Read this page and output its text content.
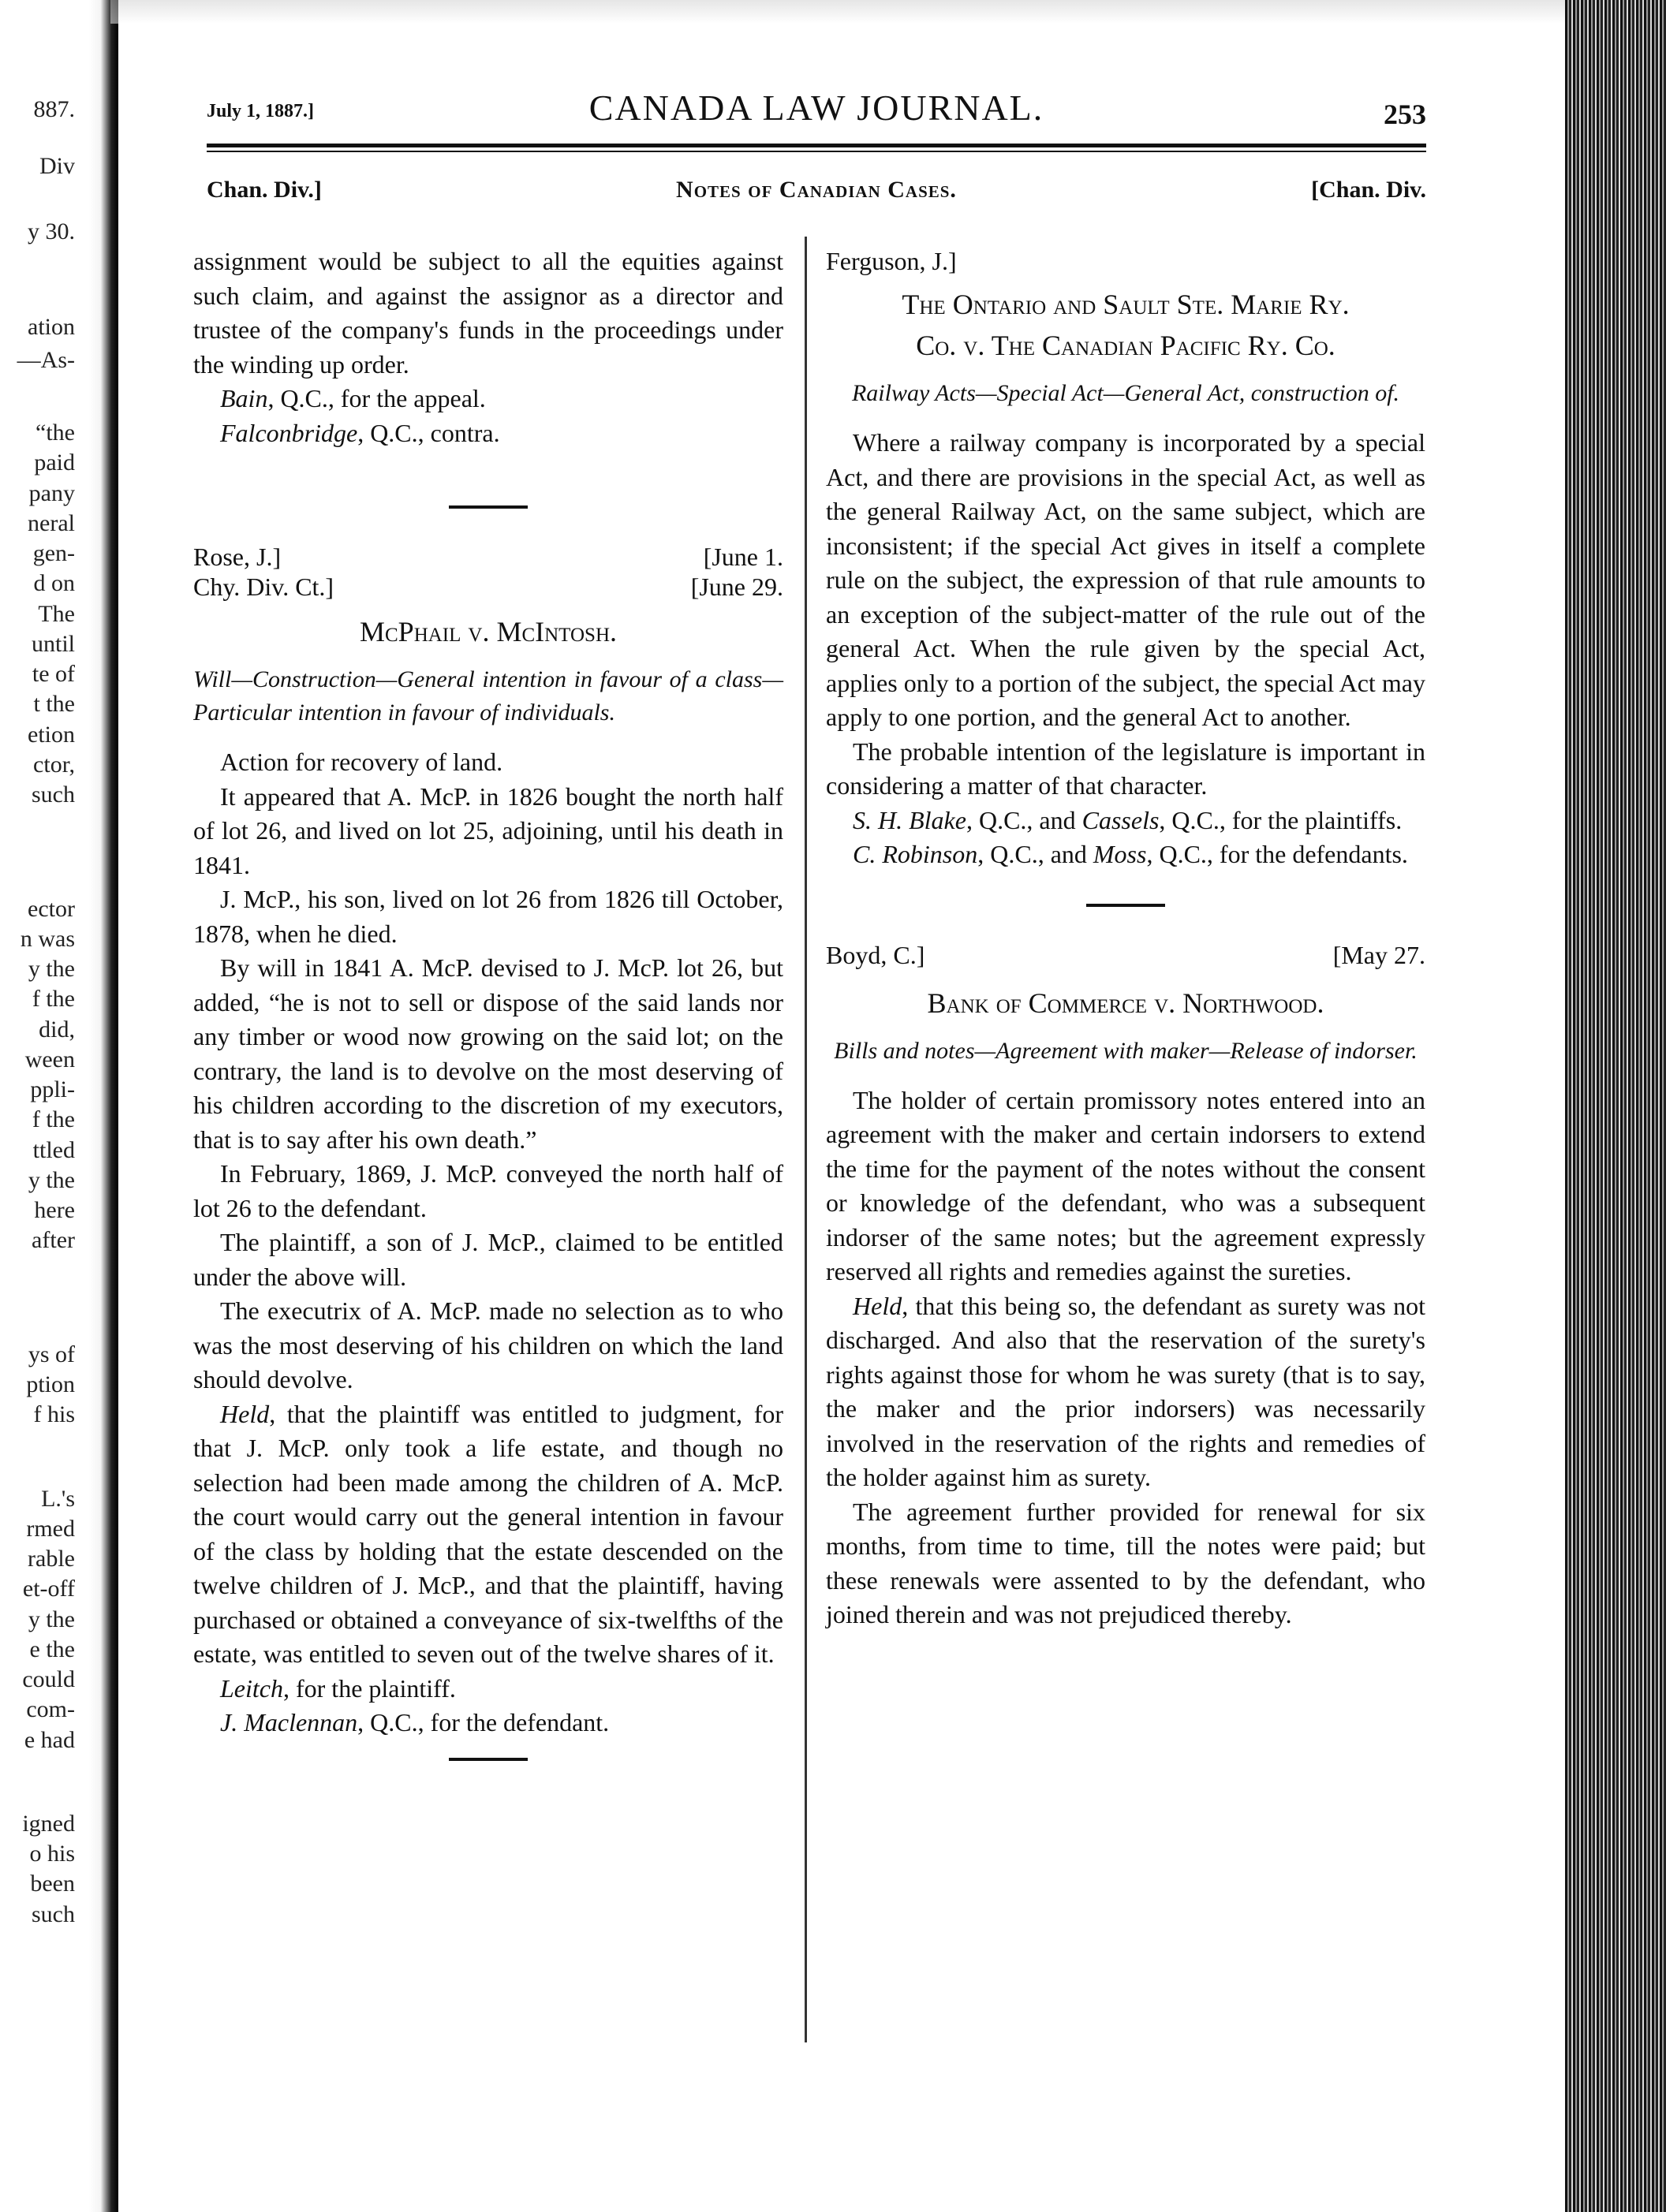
887.
Div
y 30.
ation
—As-
“the
paid
pany
neral
gen-
d on
The
until
te of
t the
etion
ctor,
such
ector
n was
y the
f the
did,
ween
ppli-
f the
ttled
y the
here
after
ys of
ption
f his
L.'s
rmed
rable
et-off
y the
e the
could
com-
e had
igned
o his
been
such
July 1, 1887.]	CANADA LAW JOURNAL.	253
Chan. Div.]	Notes of Canadian Cases.	[Chan. Div.

assignment would be subject to all the equities against such claim, and against the assignor as a director and trustee of the company's funds in the proceedings under the winding up order.

Bain, Q.C., for the appeal.

Falconbridge, Q.C., contra.

Rose, J.]	[June 1.
Chy. Div. Ct.]	[June 29.
McPhail v. McIntosh.
Will—Construction—General intention in favour of a class—Particular intention in favour of individuals.

Action for recovery of land.

It appeared that A. McP. in 1826 bought the north half of lot 26, and lived on lot 25, adjoining, until his death in 1841.

J. McP., his son, lived on lot 26 from 1826 till October, 1878, when he died.

By will in 1841 A. McP. devised to J. McP. lot 26, but added, “he is not to sell or dispose of the said lands nor any timber or wood now growing on the said lot; on the contrary, the land is to devolve on the most deserving of his children according to the discretion of my executors, that is to say after his own death.”

In February, 1869, J. McP. conveyed the north half of lot 26 to the defendant.

The plaintiff, a son of J. McP., claimed to be entitled under the above will.

The executrix of A. McP. made no selection as to who was the most deserving of his children on which the land should devolve.

Held, that the plaintiff was entitled to judgment, for that J. McP. only took a life estate, and though no selection had been made among the children of A. McP. the court would carry out the general intention in favour of the class by holding that the estate descended on the twelve children of J. McP., and that the plaintiff, having purchased or obtained a conveyance of six-twelfths of the estate, was entitled to seven out of the twelve shares of it.

Leitch, for the plaintiff.

J. Maclennan, Q.C., for the defendant.

Ferguson, J.]
The Ontario and Sault Ste. Marie Ry.
Co. v. The Canadian Pacific Ry. Co.
Railway Acts—Special Act—General Act, construction of.

Where a railway company is incorporated by a special Act, and there are provisions in the special Act, as well as the general Railway Act, on the same subject, which are inconsistent; if the special Act gives in itself a complete rule on the subject, the expression of that rule amounts to an exception of the subject-matter of the rule out of the general Act. When the rule given by the special Act, applies only to a portion of the subject, the special Act may apply to one portion, and the general Act to another.

The probable intention of the legislature is important in considering a matter of that character.

S. H. Blake, Q.C., and Cassels, Q.C., for the plaintiffs.

C. Robinson, Q.C., and Moss, Q.C., for the defendants.

Boyd, C.]	[May 27.
Bank of Commerce v. Northwood.
Bills and notes—Agreement with maker—Release of indorser.

The holder of certain promissory notes entered into an agreement with the maker and certain indorsers to extend the time for the payment of the notes without the consent or knowledge of the defendant, who was a subsequent indorser of the same notes; but the agreement expressly reserved all rights and remedies against the sureties.

Held, that this being so, the defendant as surety was not discharged. And also that the reservation of the surety's rights against those for whom he was surety (that is to say, the maker and the prior indorsers) was necessarily involved in the reservation of the rights and remedies of the holder against him as surety.

The agreement further provided for renewal for six months, from time to time, till the notes were paid; but these renewals were assented to by the defendant, who joined therein and was not prejudiced thereby.
